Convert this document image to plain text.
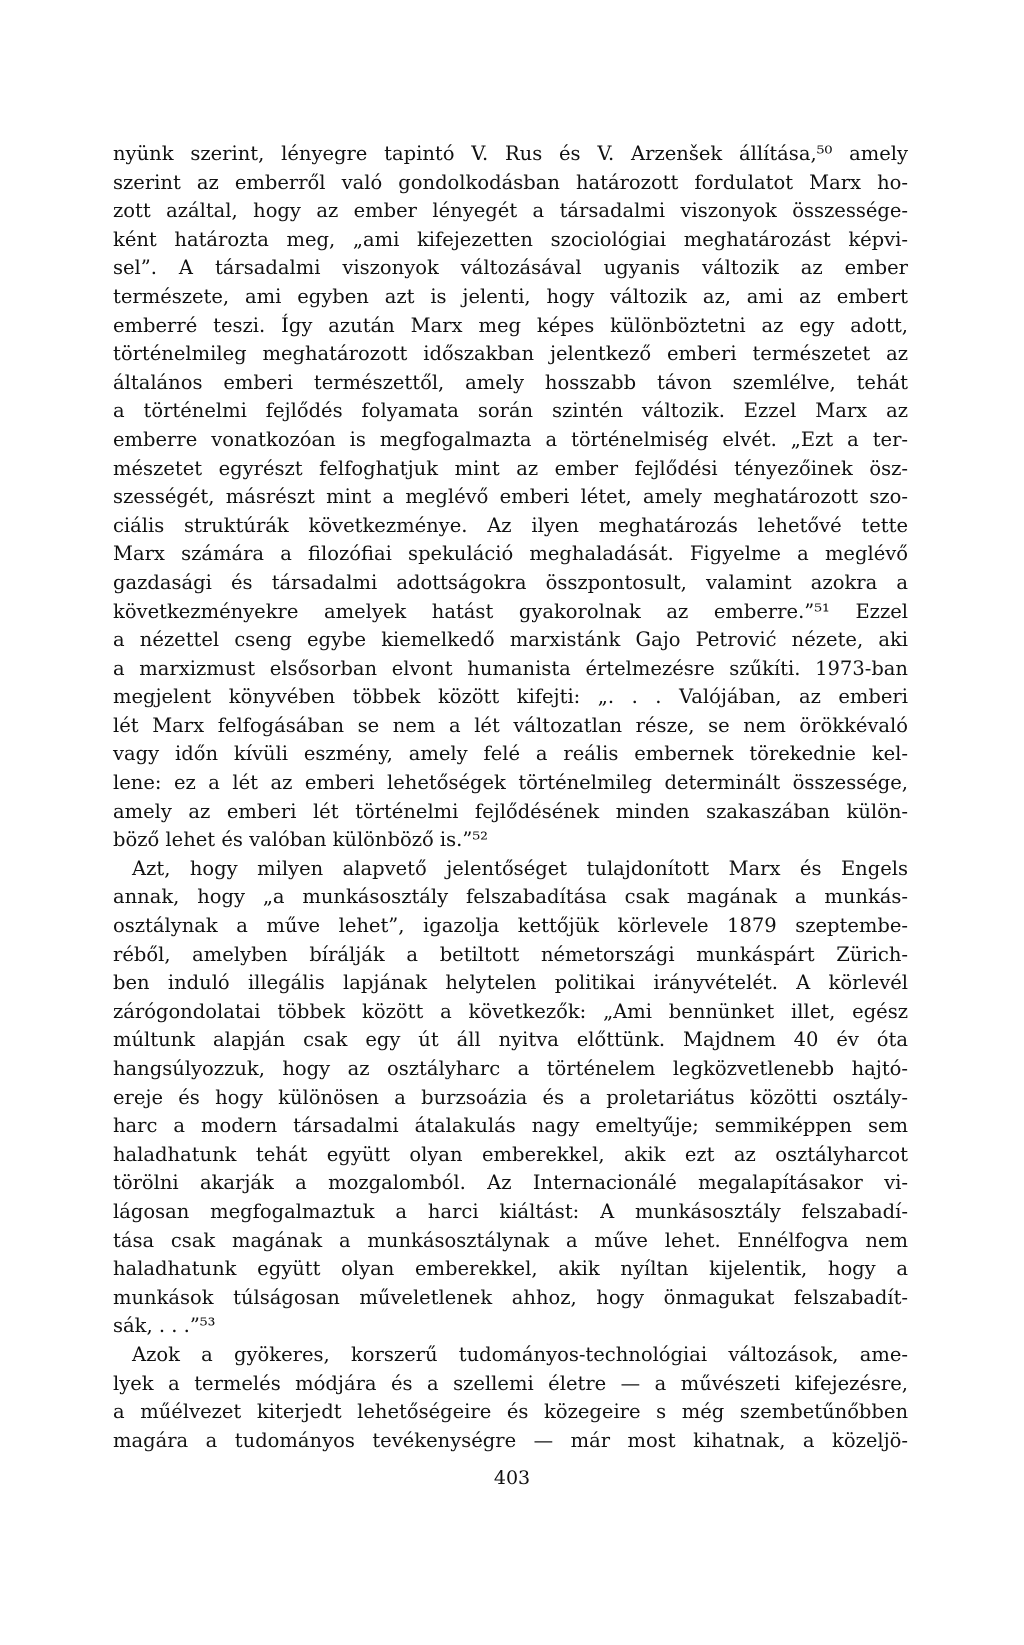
nyünk szerint, lényegre tapintó V. Rus és V. Arzenšek állítása,⁵⁰ amely
szerint az emberről való gondolkodásban határozott fordulatot Marx ho-
zott azáltal, hogy az ember lényegét a társadalmi viszonyok összessége-
ként határozta meg, „ami kifejezetten szociológiai meghatározást képvi-
sel”. A társadalmi viszonyok változásával ugyanis változik az ember
természete, ami egyben azt is jelenti, hogy változik az, ami az embert
emberré teszi. Így azután Marx meg képes különböztetni az egy adott,
történelmileg meghatározott időszakban jelentkező emberi természetet az
általános emberi természettől, amely hosszabb távon szemlélve, tehát
a történelmi fejlődés folyamata során szintén változik. Ezzel Marx az
emberre vonatkozóan is megfogalmazta a történelmiség elvét. „Ezt a ter-
mészetet egyrészt felfoghatjuk mint az ember fejlődési tényezőinek ösz-
szességét, másrészt mint a meglévő emberi létet, amely meghatározott szo-
ciális struktúrák következménye. Az ilyen meghatározás lehetővé tette
Marx számára a filozófiai spekuláció meghaladását. Figyelme a meglévő
gazdasági és társadalmi adottságokra összpontosult, valamint azokra a
következményekre amelyek hatást gyakorolnak az emberre.”⁵¹ Ezzel
a nézettel cseng egybe kiemelkedő marxistánk Gajo Petrović nézete, aki
a marxizmust elsősorban elvont humanista értelmezésre szűkíti. 1973-ban
megjelent könyvében többek között kifejti: „. . . Valójában, az emberi
lét Marx felfogásában se nem a lét változatlan része, se nem örökkévaló
vagy időn kívüli eszmény, amely felé a reális embernek törekednie kel-
lene: ez a lét az emberi lehetőségek történelmileg determinált összessége,
amely az emberi lét történelmi fejlődésének minden szakaszában külön-
böző lehet és valóban különböző is.”⁵²
Azt, hogy milyen alapvető jelentőséget tulajdonított Marx és Engels
annak, hogy „a munkásosztály felszabadítása csak magának a munkás-
osztálynak a műve lehet”, igazolja kettőjük körlevele 1879 szeptembe-
réből, amelyben bírálják a betiltott németországi munkáspárt Zürich-
ben induló illegális lapjának helytelen politikai irányvételét. A körlevél
zárógondolatai többek között a következők: „Ami bennünket illet, egész
múltunk alapján csak egy út áll nyitva előttünk. Majdnem 40 év óta
hangsúlyozzuk, hogy az osztályharc a történelem legközvetlenebb hajtó-
ereje és hogy különösen a burzsoázia és a proletariátus közötti osztály-
harc a modern társadalmi átalakulás nagy emeltyűje; semmiképpen sem
haladhatunk tehát együtt olyan emberekkel, akik ezt az osztályharcot
törölni akarják a mozgalomból. Az Internacionálé megalapításakor vi-
lágosan megfogalmaztuk a harci kiáltást: A munkásosztály felszabadí-
tása csak magának a munkásosztálynak a műve lehet. Ennélfogva nem
haladhatunk együtt olyan emberekkel, akik nyíltan kijelentik, hogy a
munkások túlságosan műveletlenek ahhoz, hogy önmagukat felszabadít-
sák, . . .”⁵³
Azok a gyökeres, korszerű tudományos-technológiai változások, ame-
lyek a termelés módjára és a szellemi életre — a művészeti kifejezésre,
a műélvezet kiterjedt lehetőségeire és közegeire s még szembetűnőbben
magára a tudományos tevékenységre — már most kihatnak, a közeljö-
403
